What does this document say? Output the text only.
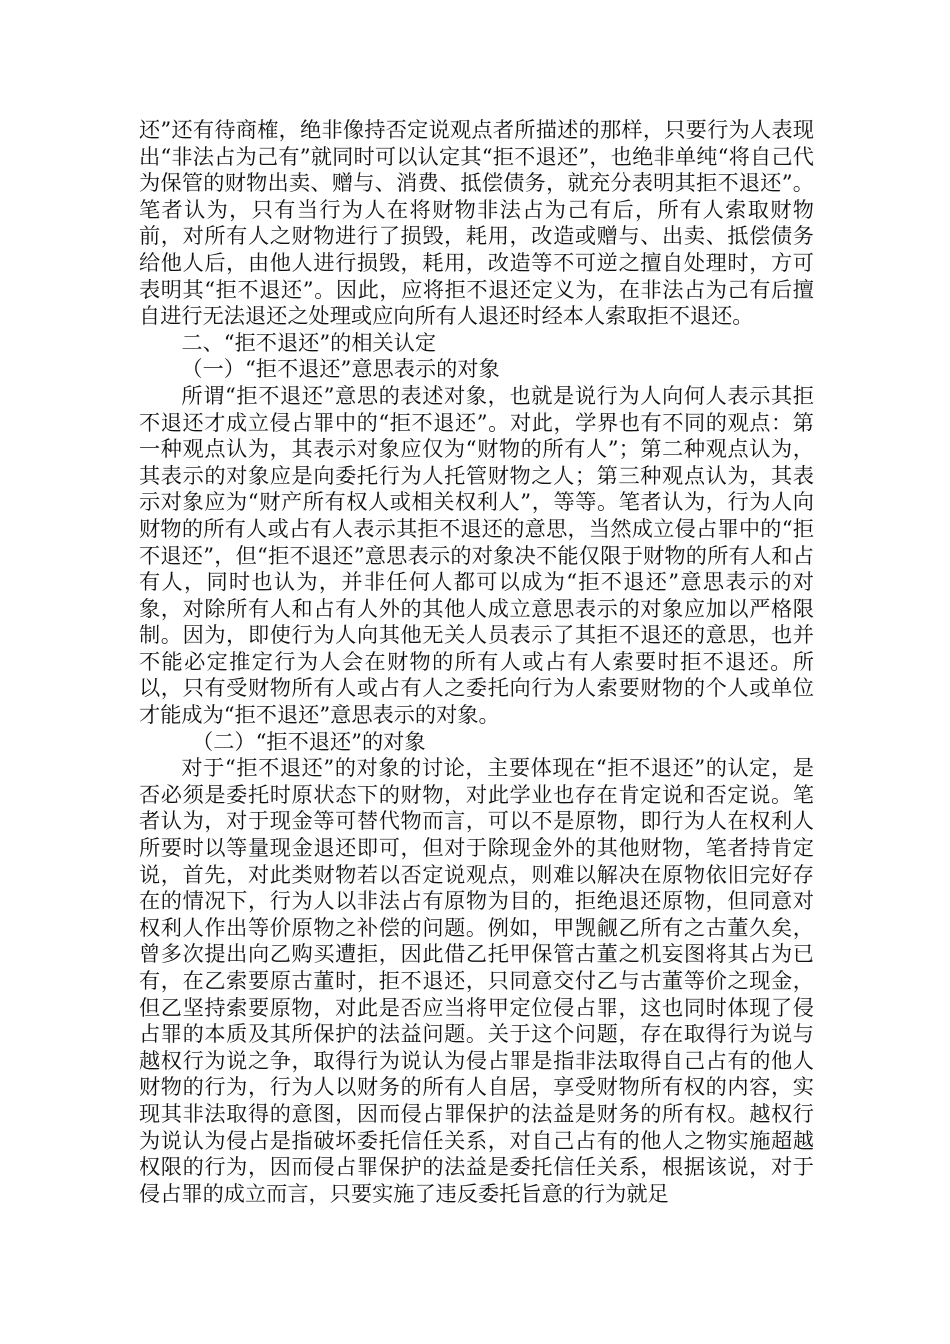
还”还有待商榷，绝非像持否定说观点者所描述的那样，只要行为人表现出“非法占为己有”就同时可以认定其“拒不退还”，也绝非单纯“将自己代为保管的财物出卖、赠与、消费、抵偿债务，就充分表明其拒不退还”。 笔者认为，只有当行为人在将财物非法占为己有后，所有人索取财物前，对所有人之财物进行了损毁，耗用，改造或赠与、出卖、抵偿债务给他人后，由他人进行损毁，耗用，改造等不可逆之擅自处理时，方可表明其“拒不退还”。因此，应将拒不退还定义为，在非法占为己有后擅自进行无法退还之处理或应向所有人退还时经本人索取拒不退还。

二、“拒不退还”的相关认定

（一）“拒不退还”意思表示的对象

所谓“拒不退还”意思的表述对象，也就是说行为人向何人表示其拒不退还才成立侵占罪中的“拒不退还”。对此，学界也有不同的观点：第一种观点认为，其表示对象应仅为“财物的所有人”；第二种观点认为，其表示的对象应是向委托行为人托管财物之人；第三种观点认为，其表示对象应为“财产所有权人或相关权利人”，等等。笔者认为，行为人向财物的所有人或占有人表示其拒不退还的意思，当然成立侵占罪中的“拒不退还”，但“拒不退还”意思表示的对象决不能仅限于财物的所有人和占有人，同时也认为，并非任何人都可以成为“拒不退还”意思表示的对象，对除所有人和占有人外的其他人成立意思表示的对象应加以严格限制。因为，即使行为人向其他无关人员表示了其拒不退还的意思，也并不能必定推定行为人会在财物的所有人或占有人索要时拒不退还。所以，只有受财物所有人或占有人之委托向行为人索要财物的个人或单位才能成为“拒不退还”意思表示的对象。

（二）“拒不退还”的对象

对于“拒不退还”的对象的讨论，主要体现在“拒不退还”的认定，是否必须是委托时原状态下的财物，对此学业也存在肯定说和否定说。笔者认为，对于现金等可替代物而言，可以不是原物，即行为人在权利人所要时以等量现金退还即可，但对于除现金外的其他财物，笔者持肯定说，首先，对此类财物若以否定说观点，则难以解决在原物依旧完好存在的情况下，行为人以非法占有原物为目的，拒绝退还原物，但同意对权利人作出等价原物之补偿的问题。例如，甲觊觎乙所有之古董久矣，曾多次提出向乙购买遭拒，因此借乙托甲保管古董之机妄图将其占为已有，在乙索要原古董时，拒不退还，只同意交付乙与古董等价之现金，但乙坚持索要原物，对此是否应当将甲定位侵占罪，这也同时体现了侵占罪的本质及其所保护的法益问题。关于这个问题，存在取得行为说与越权行为说之争，取得行为说认为侵占罪是指非法取得自己占有的他人财物的行为，行为人以财务的所有人自居，享受财物所有权的内容，实现其非法取得的意图，因而侵占罪保护的法益是财务的所有权。越权行为说认为侵占是指破坏委托信任关系，对自己占有的他人之物实施超越权限的行为，因而侵占罪保护的法益是委托信任关系，根据该说，对于侵占罪的成立而言，只要实施了违反委托旨意的行为就足
